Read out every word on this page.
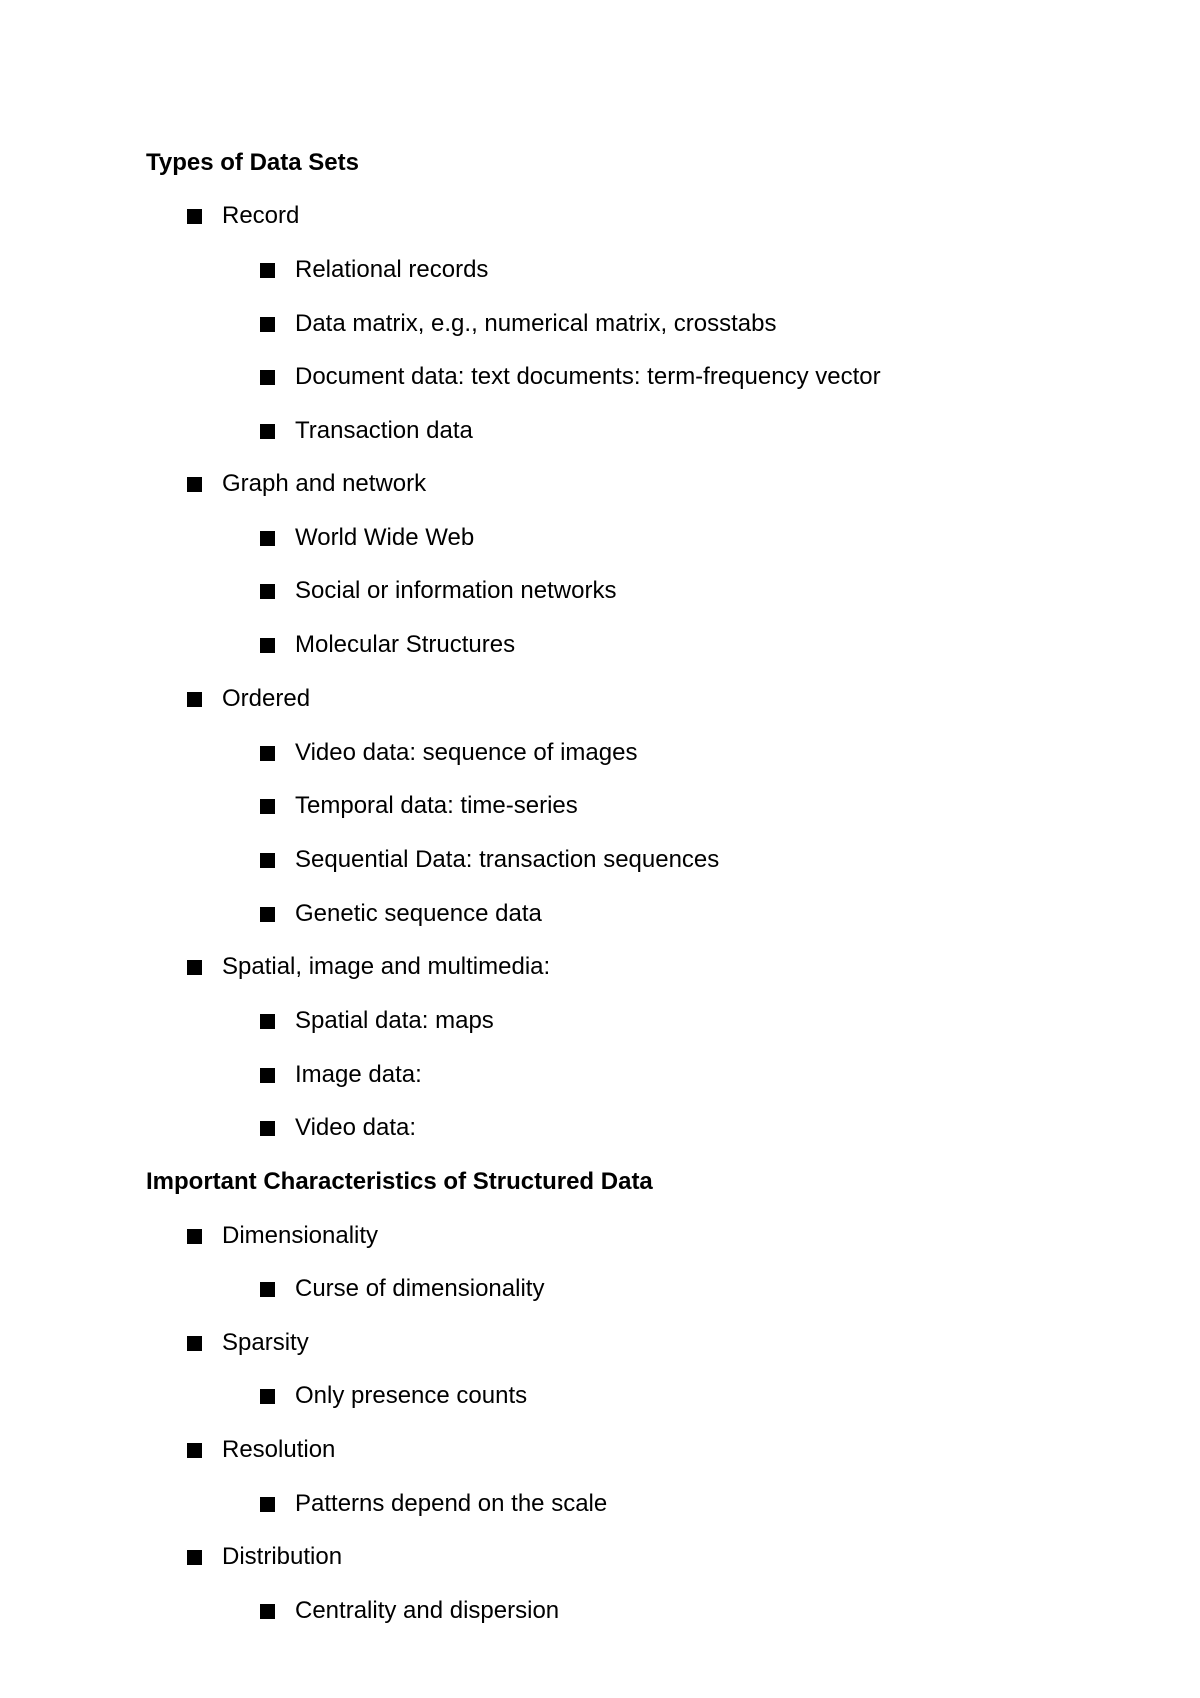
Types of Data Sets
Record
Relational records
Data matrix, e.g., numerical matrix, crosstabs
Document data: text documents: term-frequency vector
Transaction data
Graph and network
World Wide Web
Social or information networks
Molecular Structures
Ordered
Video data: sequence of images
Temporal data: time-series
Sequential Data: transaction sequences
Genetic sequence data
Spatial, image and multimedia:
Spatial data: maps
Image data:
Video data:
Important Characteristics of Structured Data
Dimensionality
Curse of dimensionality
Sparsity
Only presence counts
Resolution
Patterns depend on the scale
Distribution
Centrality and dispersion
